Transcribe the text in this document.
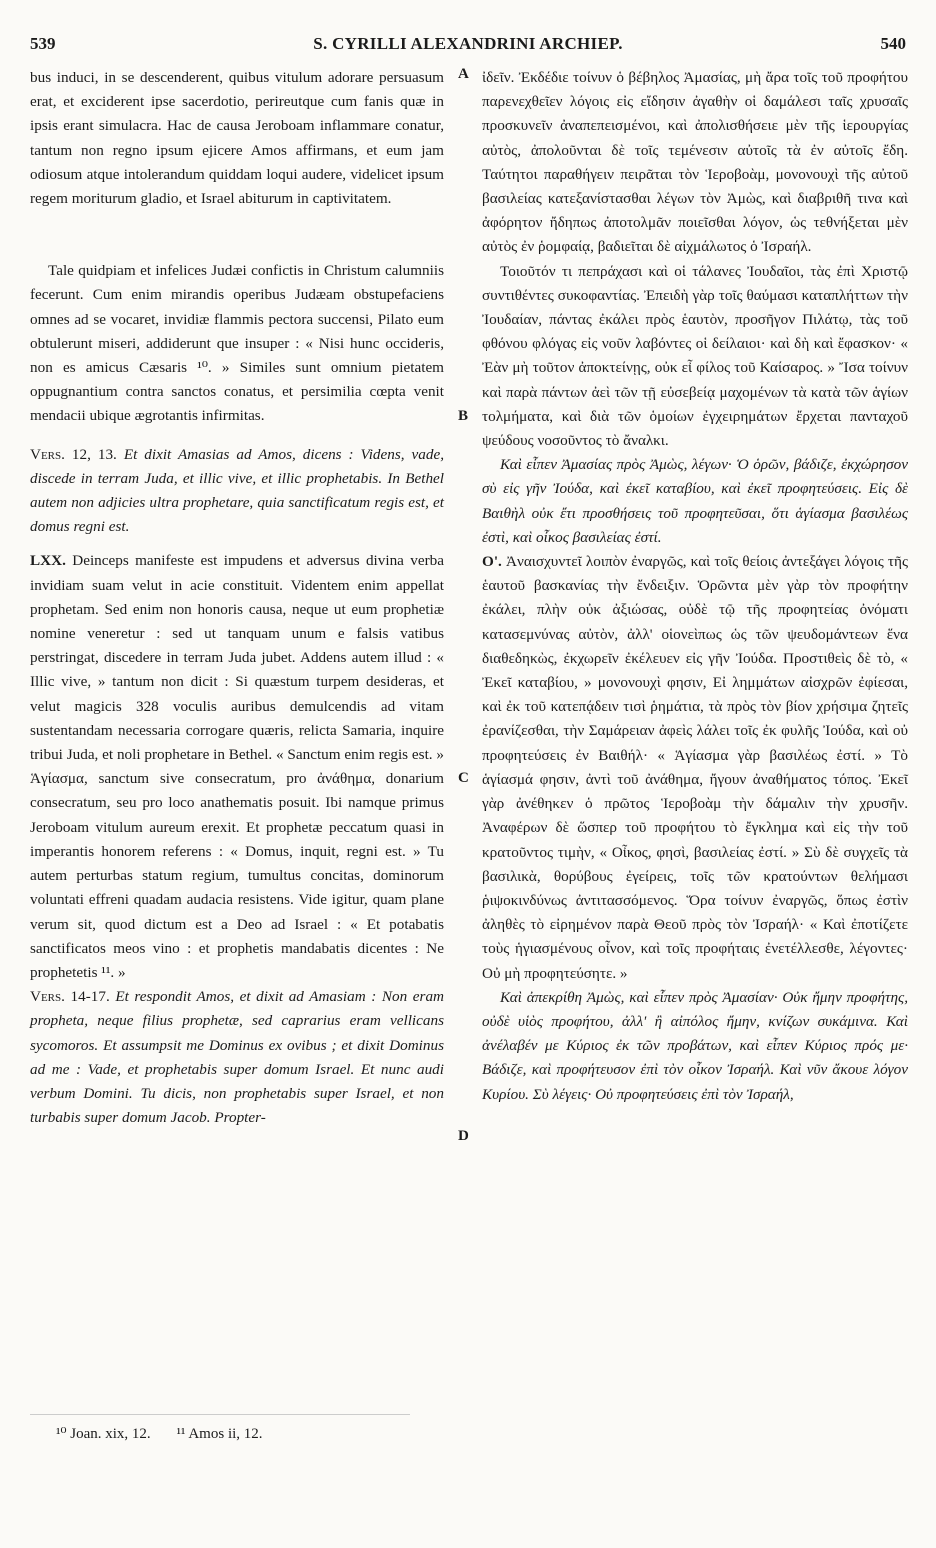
539	S. CYRILLI ALEXANDRINI ARCHIEP.	540

bus induci, in se descenderent, quibus vitulum adorare persuasum erat, et exciderent ipse sacerdotio, perireutque cum fanis quæ in ipsis erant simulacra. Hac de causa Jeroboam inflammare conatur, tantum non regno ipsum ejicere Amos affirmans, et eum jam odiosum atque intolerandum quiddam loqui audere, videlicet ipsum regem moriturum gladio, et Israel abiturum in captivitatem.

Tale quidpiam et infelices Judæi confictis in Christum calumniis fecerunt. Cum enim mirandis operibus Judæam obstupefaciens omnes ad se vocaret, invidiæ flammis pectora succensi, Pilato eum obtulerunt miseri, addiderunt que insuper : « Nisi hunc occideris, non es amicus Cæsaris ¹⁰. » Similes sunt omnium pietatem oppugnantium contra sanctos conatus, et persimilia cœpta venit mendacii ubique ægrotantis infirmitas.

Vers. 12, 13. Et dixit Amasias ad Amos, dicens : Videns, vade, discede in terram Juda, et illic vive, et illic prophetabis. In Bethel autem non adjicies ultra prophetare, quia sanctificatum regis est, et domus regni est.

LXX. Deinceps manifeste est impudens et adversus divina verba invidiam suam velut in acie constituit. Videntem enim appellat prophetam. Sed enim non honoris causa, neque ut eum prophetiæ nomine veneretur : sed ut tanquam unum e falsis vatibus perstringat, discedere in terram Juda jubet. Addens autem illud : « Illic vive, » tantum non dicit : Si quæstum turpem desideras, et velut magicis 328 voculis auribus demulcendis ad vitam sustentandam necessaria corrogare quæris, relicta Samaria, inquire tribui Juda, et noli prophetare in Bethel. « Sanctum enim regis est. » Ἁγίασμα, sanctum sive consecratum, pro ἀνάθημα, donarium consecratum, seu pro loco anathematis posuit. Ibi namque primus Jeroboam vitulum aureum erexit. Et prophetæ peccatum quasi in imperantis honorem referens : « Domus, inquit, regni est. » Tu autem perturbas statum regium, tumultus concitas, dominorum voluntati effreni quadam audacia resistens. Vide igitur, quam plane verum sit, quod dictum est a Deo ad Israel : « Et potabatis sanctificatos meos vino : et prophetis mandabatis dicentes : Ne prophetetis ¹¹. »

Vers. 14-17. Et respondit Amos, et dixit ad Amasiam : Non eram propheta, neque filius prophetæ, sed caprarius eram vellicans sycomoros. Et assumpsit me Dominus ex ovibus ; et dixit Dominus ad me : Vade, et prophetabis super domum Israel. Et nunc audi verbum Domini. Tu dicis, non prophetabis super Israel, et non turbabis super domum Jacob. Propter-

A
B
C
D

ἰδεῖν. Ἐκδέδιε τοίνυν ὁ βέβηλος Ἀμασίας, μὴ ἄρα τοῖς τοῦ προφήτου παρενεχθεῖεν λόγοις εἰς εἴδησιν ἀγαθὴν οἱ δαμάλεσι ταῖς χρυσαῖς προσκυνεῖν ἀναπεπεισμένοι, καὶ ἀπολισθήσειε μὲν τῆς ἱερουργίας αὐτὸς, ἀπολοῦνται δὲ τοῖς τεμένεσιν αὐτοῖς τὰ ἐν αὐτοῖς ἔδη. Ταύτητοι παραθήγειν πειρᾶται τὸν Ἱεροβοὰμ, μονονουχὶ τῆς αὐτοῦ βασιλείας κατεξανίστασθαι λέγων τὸν Ἀμὼς, καὶ διαβριθῆ τινα καὶ ἀφόρητον ἤδηπως ἀποτολμᾶν ποιεῖσθαι λόγον, ὡς τεθνήξεται μὲν αὐτὸς ἐν ῥομφαίᾳ, βαδιεῖται δὲ αἰχμάλωτος ὁ Ἰσραήλ.

Τοιοῦτόν τι πεπράχασι καὶ οἱ τάλανες Ἰουδαῖοι, τὰς ἐπὶ Χριστῷ συντιθέντες συκοφαντίας. Ἐπειδὴ γὰρ τοῖς θαύμασι καταπλήττων τὴν Ἰουδαίαν, πάντας ἐκάλει πρὸς ἑαυτὸν, προσῆγον Πιλάτῳ, τὰς τοῦ φθόνου φλόγας εἰς νοῦν λαβόντες οἱ δείλαιοι· καὶ δὴ καὶ ἔφασκον· « Ἐὰν μὴ τοῦτον ἀποκτείνῃς, οὐκ εἶ φίλος τοῦ Καίσαρος. » Ἴσα τοίνυν καὶ παρὰ πάντων ἀεὶ τῶν τῇ εὐσεβείᾳ μαχομένων τὰ κατὰ τῶν ἁγίων τολμήματα, καὶ διὰ τῶν ὁμοίων ἐγχειρημάτων ἔρχεται πανταχοῦ ψεύδους νοσοῦντος τὸ ἄναλκι.

Καὶ εἶπεν Ἀμασίας πρὸς Ἀμὼς, λέγων· Ὁ ὁρῶν, βάδιζε, ἐκχώρησον σὺ εἰς γῆν Ἰούδα, καὶ ἐκεῖ καταβίου, καὶ ἐκεῖ προφητεύσεις. Εἰς δὲ Βαιθὴλ οὐκ ἔτι προσθήσεις τοῦ προφητεῦσαι, ὅτι ἁγίασμα βασιλέως ἐστὶ, καὶ οἶκος βασιλείας ἐστί.

Ο'. Ἀναισχυντεῖ λοιπὸν ἐναργῶς, καὶ τοῖς θείοις ἀντεξάγει λόγοις τῆς ἑαυτοῦ βασκανίας τὴν ἔνδειξιν. Ὁρῶντα μὲν γὰρ τὸν προφήτην ἐκάλει, πλὴν οὐκ ἀξιώσας, οὐδὲ τῷ τῆς προφητείας ὀνόματι κατασεμνύνας αὐτὸν, ἀλλ' οἱονεὶπως ὡς τῶν ψευδομάντεων ἕνα διαθεδηκὼς, ἐκχωρεῖν ἐκέλευεν εἰς γῆν Ἰούδα. Προστιθεὶς δὲ τὸ, « Ἐκεῖ καταβίου, » μονονουχὶ φησιν, Εἰ λημμάτων αἰσχρῶν ἐφίεσαι, καὶ ἐκ τοῦ κατεπᾴδειν τισὶ ῥημάτια, τὰ πρὸς τὸν βίον χρήσιμα ζητεῖς ἐρανίζεσθαι, τὴν Σαμάρειαν ἀφεὶς λάλει τοῖς ἐκ φυλῆς Ἰούδα, καὶ οὐ προφητεύσεις ἐν Βαιθήλ· « Ἁγίασμα γὰρ βασιλέως ἐστί. » Τὸ ἁγίασμά φησιν, ἀντὶ τοῦ ἀνάθημα, ἤγουν ἀναθήματος τόπος. Ἐκεῖ γὰρ ἀνέθηκεν ὁ πρῶτος Ἱεροβοὰμ τὴν δάμαλιν τὴν χρυσῆν. Ἀναφέρων δὲ ὥσπερ τοῦ προφήτου τὸ ἔγκλημα καὶ εἰς τὴν τοῦ κρατοῦντος τιμὴν, « Οἶκος, φησὶ, βασιλείας ἐστί. » Σὺ δὲ συγχεῖς τὰ βασιλικὰ, θορύβους ἐγείρεις, τοῖς τῶν κρατούντων θελήμασι ῥιψοκινδύνως ἀντιτασσόμενος. Ὅρα τοίνυν ἐναργῶς, ὅπως ἐστὶν ἀληθὲς τὸ εἰρημένον παρὰ Θεοῦ πρὸς τὸν Ἰσραήλ· « Καὶ ἐποτίζετε τοὺς ἡγιασμένους οἶνον, καὶ τοῖς προφήταις ἐνετέλλεσθε, λέγοντες· Οὐ μὴ προφητεύσητε. »

Καὶ ἀπεκρίθη Ἀμὼς, καὶ εἶπεν πρὸς Ἀμασίαν· Οὐκ ἤμην προφήτης, οὐδὲ υἱὸς προφήτου, ἀλλ' ἢ αἰπόλος ἤμην, κνίζων συκάμινα. Καὶ ἀνέλαβέν με Κύριος ἐκ τῶν προβάτων, καὶ εἶπεν Κύριος πρός με· Βάδιζε, καὶ προφήτευσον ἐπὶ τὸν οἶκον Ἰσραήλ. Καὶ νῦν ἄκουε λόγον Κυρίου. Σὺ λέγεις· Οὐ προφητεύσεις ἐπὶ τὸν Ἰσραήλ,

¹⁰ Joan. xix, 12. ¹¹ Amos ii, 12.
